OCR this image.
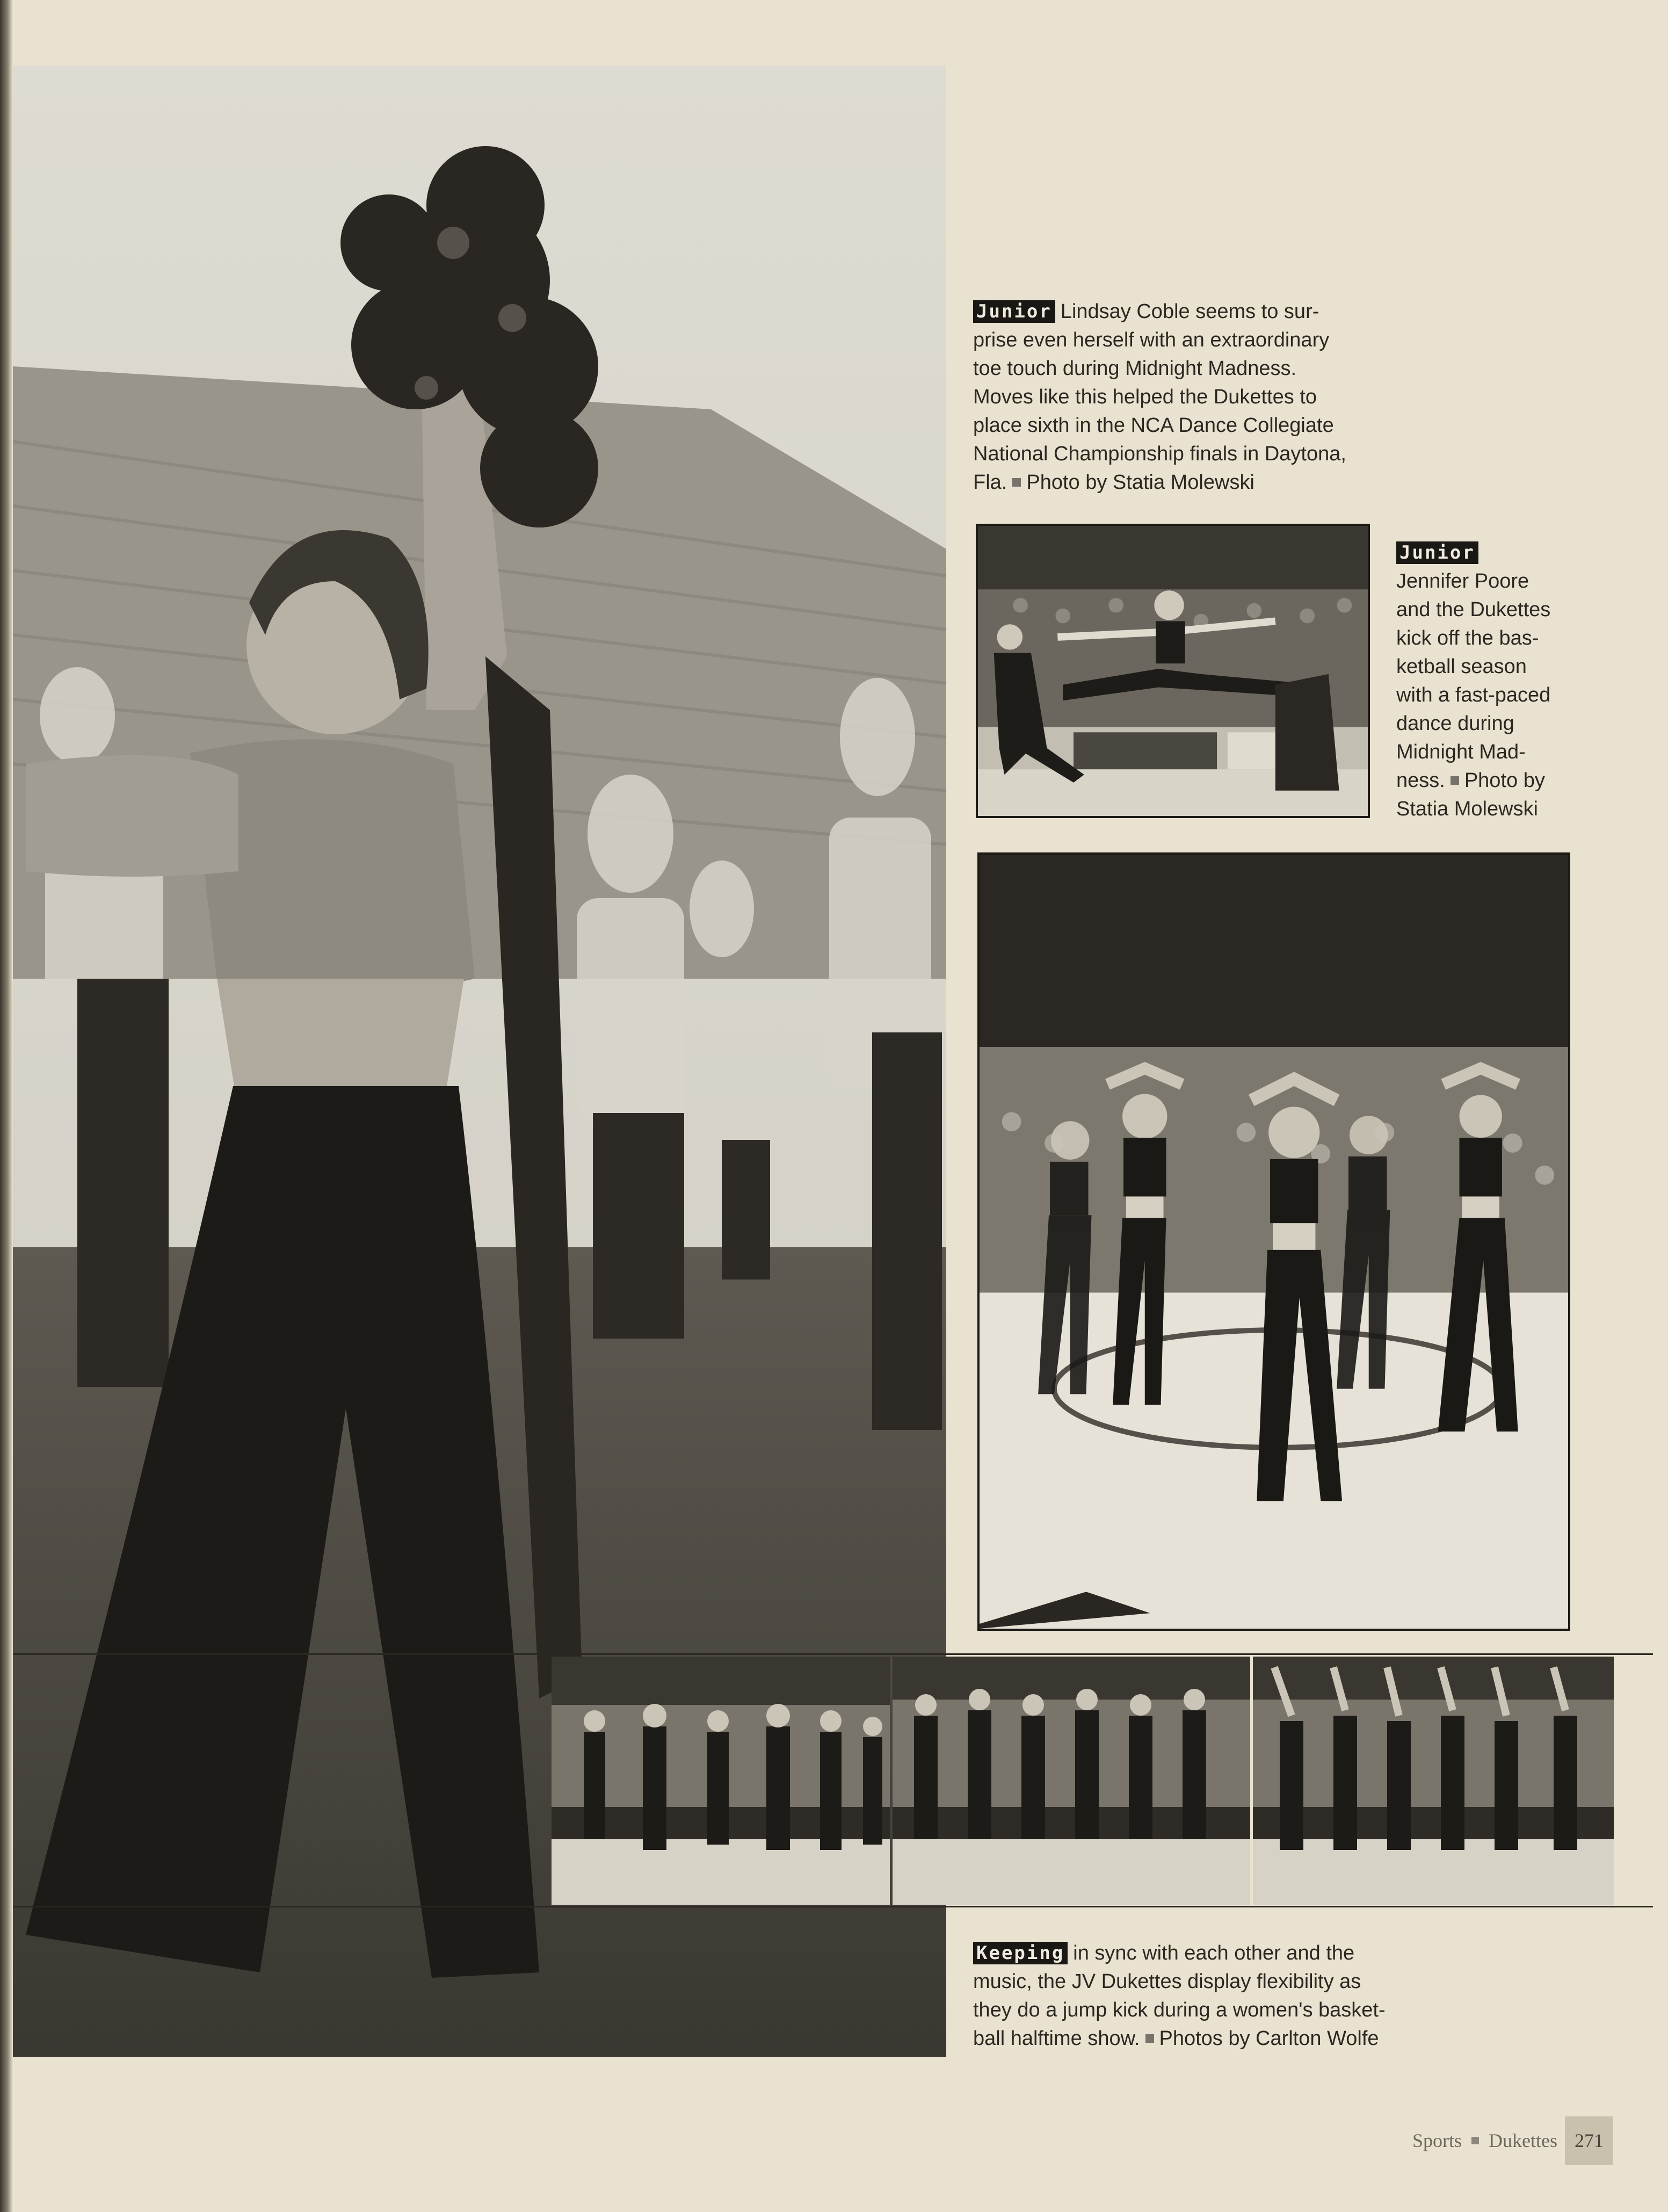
Junior Lindsay Coble seems to sur-
prise even herself with an extraordinary
toe touch during Midnight Madness.
Moves like this helped the Dukettes to
place sixth in the NCA Dance Collegiate
National Championship finals in Daytona,
Fla. Photo by Statia Molewski
Junior
Jennifer Poore
and the Dukettes
kick off the bas-
ketball season
with a fast-paced
dance during
Midnight Mad-
ness. Photo by
Statia Molewski
Keeping in sync with each other and the
music, the JV Dukettes display flexibility as
they do a jump kick during a women's basket-
ball halftime show. Photos by Carlton Wolfe
Sports Dukettes 271
